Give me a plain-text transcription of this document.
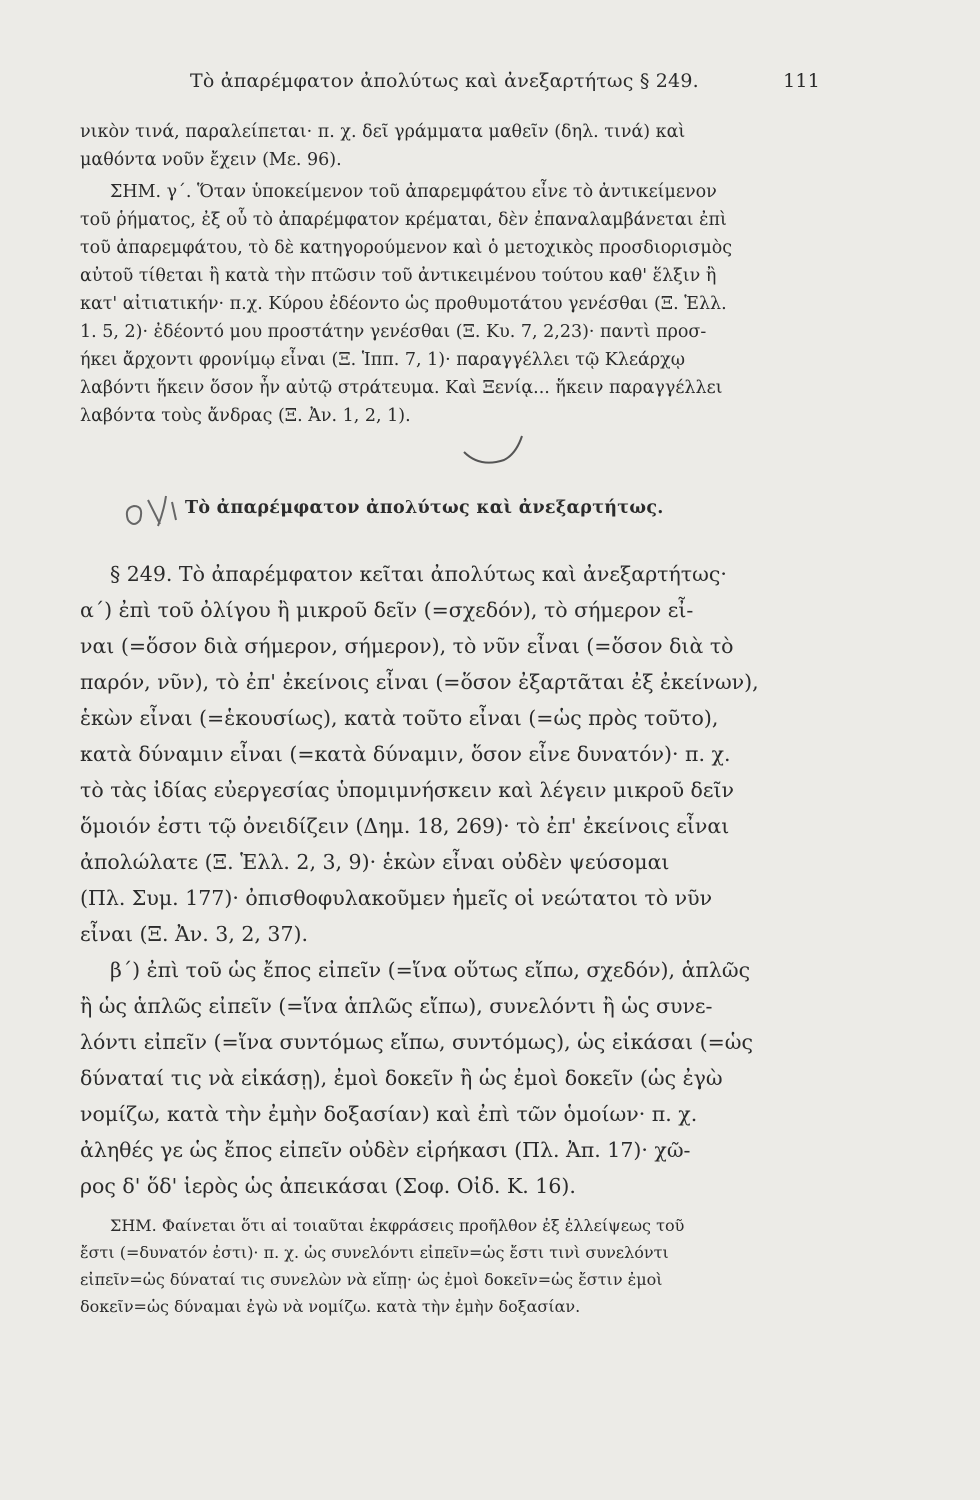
Τὸ ἀπαρέμφατον ἀπολύτως καὶ ἀνεξαρτήτως § 249.	111
νικὸν τινά, παραλείπεται· π. χ. δεῖ γράμματα μαθεῖν (δηλ. τινά) καὶ
μαθόντα νοῦν ἔχειν (Με. 96).
ΣΗΜ. γ΄. Ὅταν ὑποκείμενον τοῦ ἀπαρεμφάτου εἶνε τὸ ἀντικείμενον
τοῦ ῥήματος, ἐξ οὗ τὸ ἀπαρέμφατον κρέμαται, δὲν ἐπαναλαμβάνεται ἐπὶ
τοῦ ἀπαρεμφάτου, τὸ δὲ κατηγορούμενον καὶ ὁ μετοχικὸς προσδιορισμὸς
αὐτοῦ τίθεται ἢ κατὰ τὴν πτῶσιν τοῦ ἀντικειμένου τούτου καθ' ἕλξιν ἢ
κατ' αἰτιατικήν· π.χ. Κύρου ἐδέοντο ὡς προθυμοτάτου γενέσθαι (Ξ. Ἑλλ.
1. 5, 2)· ἐδέοντό μου προστάτην γενέσθαι (Ξ. Κυ. 7, 2,23)· παντὶ προσ-
ήκει ἄρχοντι φρονίμῳ εἶναι (Ξ. Ἱππ. 7, 1)· παραγγέλλει τῷ Κλεάρχῳ
λαβόντι ἥκειν ὅσον ἦν αὐτῷ στράτευμα. Καὶ Ξενίᾳ... ἥκειν παραγγέλλει
λαβόντα τοὺς ἄνδρας (Ξ. Ἀν. 1, 2, 1).
Τὸ ἀπαρέμφατον ἀπολύτως καὶ ἀνεξαρτήτως.
§ 249. Τὸ ἀπαρέμφατον κεῖται ἀπολύτως καὶ ἀνεξαρτήτως·
α΄) ἐπὶ τοῦ ὀλίγου ἢ μικροῦ δεῖν (=σχεδόν), τὸ σήμερον εἶ-
ναι (=ὅσον διὰ σήμερον, σήμερον), τὸ νῦν εἶναι (=ὅσον διὰ τὸ
παρόν, νῦν), τὸ ἐπ' ἐκείνοις εἶναι (=ὅσον ἐξαρτᾶται ἐξ ἐκείνων),
ἑκὼν εἶναι (=ἑκουσίως), κατὰ τοῦτο εἶναι (=ὡς πρὸς τοῦτο),
κατὰ δύναμιν εἶναι (=κατὰ δύναμιν, ὅσον εἶνε δυνατόν)· π. χ.
τὸ τὰς ἰδίας εὐεργεσίας ὑπομιμνήσκειν καὶ λέγειν μικροῦ δεῖν
ὅμοιόν ἐστι τῷ ὀνειδίζειν (Δημ. 18, 269)· τὸ ἐπ' ἐκείνοις εἶναι
ἀπολώλατε (Ξ. Ἑλλ. 2, 3, 9)· ἑκὼν εἶναι οὐδὲν ψεύσομαι
(Πλ. Συμ. 177)· ὀπισθοφυλακοῦμεν ἡμεῖς οἱ νεώτατοι τὸ νῦν
εἶναι (Ξ. Ἀν. 3, 2, 37).
β΄) ἐπὶ τοῦ ὡς ἔπος εἰπεῖν (=ἵνα οὕτως εἴπω, σχεδόν), ἁπλῶς
ἢ ὡς ἁπλῶς εἰπεῖν (=ἵνα ἁπλῶς εἴπω), συνελόντι ἢ ὡς συνε-
λόντι εἰπεῖν (=ἵνα συντόμως εἴπω, συντόμως), ὡς εἰκάσαι (=ὡς
δύναταί τις νὰ εἰκάσῃ), ἐμοὶ δοκεῖν ἢ ὡς ἐμοὶ δοκεῖν (ὡς ἐγὼ
νομίζω, κατὰ τὴν ἐμὴν δοξασίαν) καὶ ἐπὶ τῶν ὁμοίων· π. χ.
ἀληθές γε ὡς ἔπος εἰπεῖν οὐδὲν εἰρήκασι (Πλ. Ἀπ. 17)· χῶ-
ρος δ' ὅδ' ἱερὸς ὡς ἀπεικάσαι (Σοφ. Οἰδ. Κ. 16).
ΣΗΜ. Φαίνεται ὅτι αἱ τοιαῦται ἐκφράσεις προῆλθον ἐξ ἐλλείψεως τοῦ
ἔστι (=δυνατόν ἐστι)· π. χ. ὡς συνελόντι εἰπεῖν=ὡς ἔστι τινὶ συνελόντι
εἰπεῖν=ὡς δύναταί τις συνελὼν νὰ εἴπῃ· ὡς ἐμοὶ δοκεῖν=ὡς ἔστιν ἐμοὶ
δοκεῖν=ὡς δύναμαι ἐγὼ νὰ νομίζω. κατὰ τὴν ἐμὴν δοξασίαν.
